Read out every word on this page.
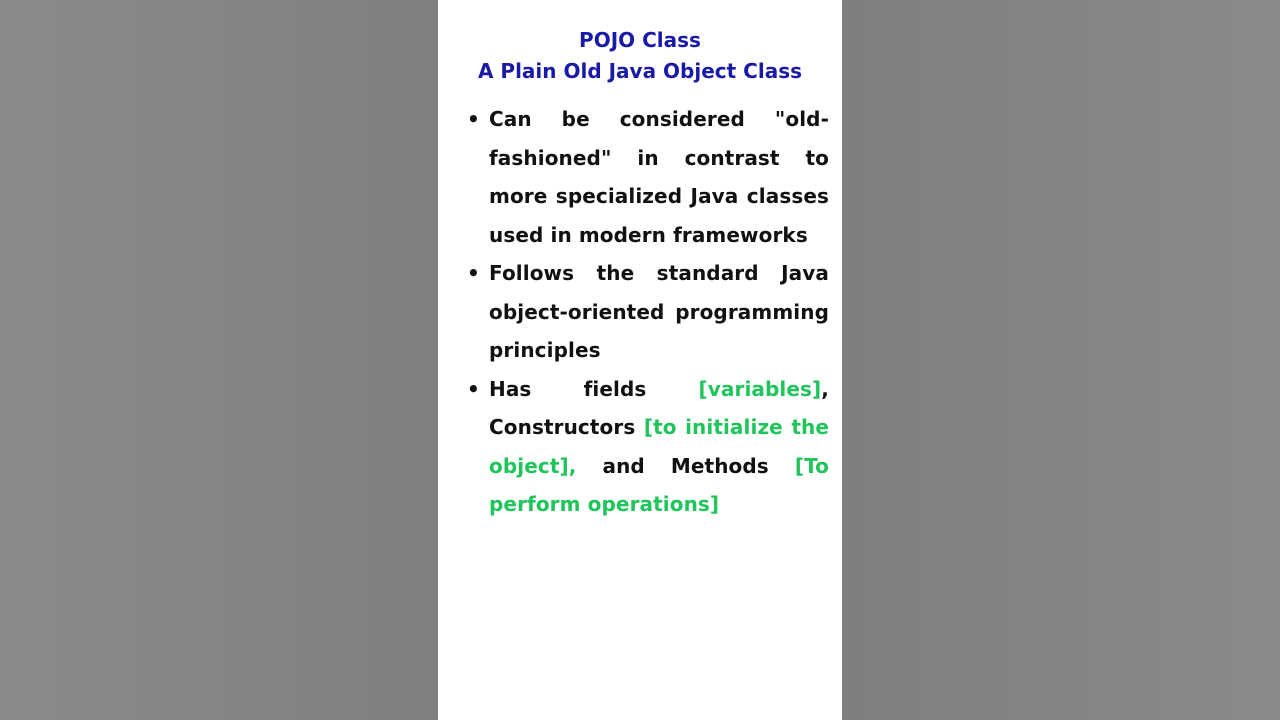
POJO Class
A Plain Old Java Object Class
• Can be considered "old-fashioned" in contrast to more specialized Java classes used in modern frameworks
• Follows the standard Java object-oriented programming principles
• Has fields [variables], Constructors [to initialize the object], and Methods [To perform operations]
